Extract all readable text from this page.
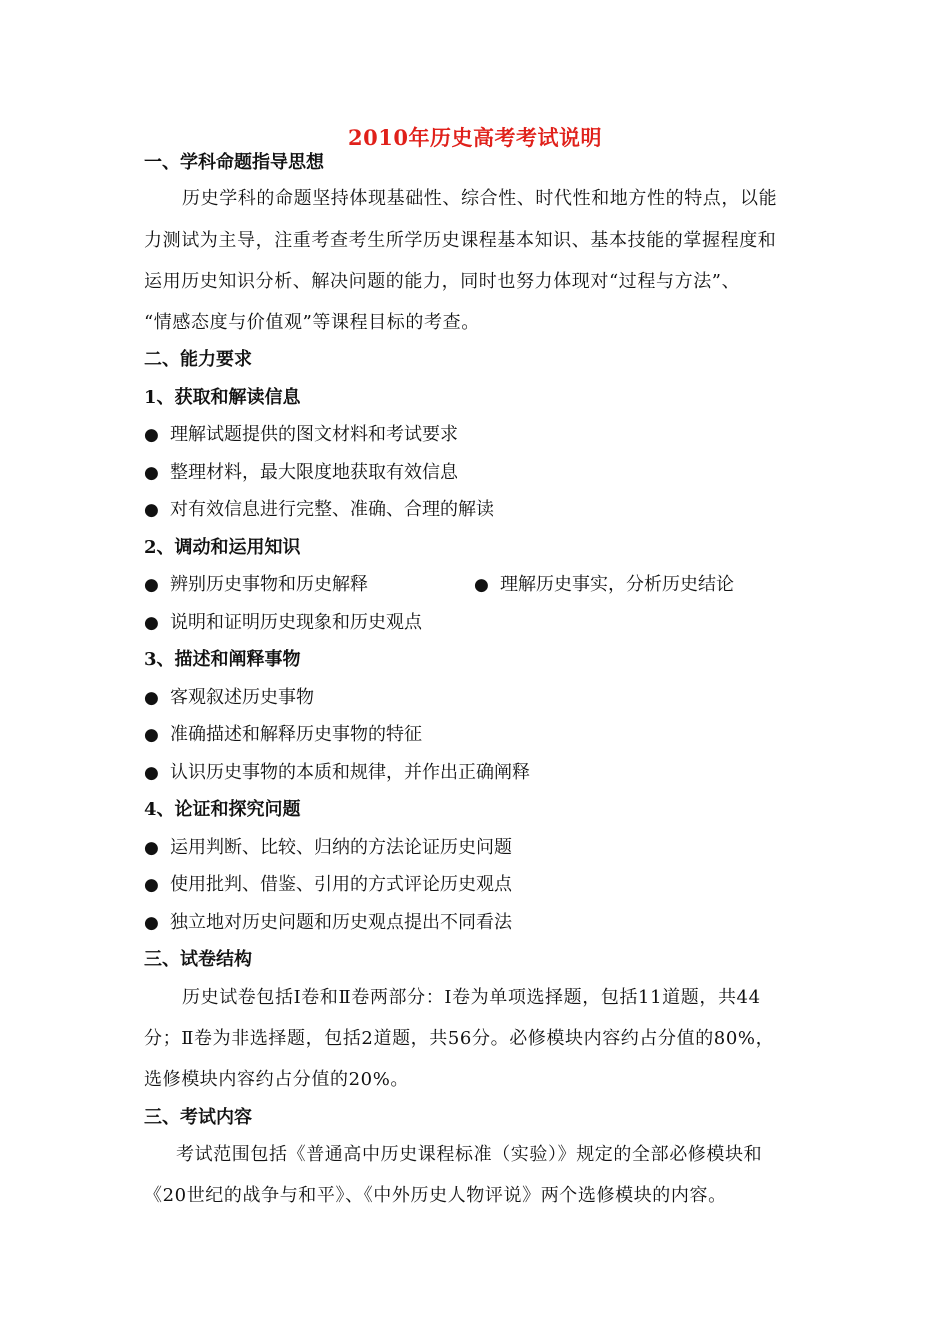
2010年历史高考考试说明
一、学科命题指导思想
历史学科的命题坚持体现基础性、综合性、时代性和地方性的特点，以能
力测试为主导，注重考查考生所学历史课程基本知识、基本技能的掌握程度和
运用历史知识分析、解决问题的能力，同时也努力体现对“过程与方法”、
“情感态度与价值观”等课程目标的考查。
二、能力要求
1、获取和解读信息
● 理解试题提供的图文材料和考试要求
● 整理材料，最大限度地获取有效信息
● 对有效信息进行完整、准确、合理的解读
2、调动和运用知识
● 辨别历史事物和历史解释	● 理解历史事实，分析历史结论
● 说明和证明历史现象和历史观点
3、描述和阐释事物
● 客观叙述历史事物
● 准确描述和解释历史事物的特征
● 认识历史事物的本质和规律，并作出正确阐释
4、论证和探究问题
● 运用判断、比较、归纳的方法论证历史问题
● 使用批判、借鉴、引用的方式评论历史观点
● 独立地对历史问题和历史观点提出不同看法
三、试卷结构
历史试卷包括Ⅰ卷和Ⅱ卷两部分：Ⅰ卷为单项选择题，包括11道题，共44
分；Ⅱ卷为非选择题，包括2道题，共56分。必修模块内容约占分值的80%，
选修模块内容约占分值的20%。
三、考试内容
考试范围包括《普通高中历史课程标准（实验）》规定的全部必修模块和
《20世纪的战争与和平》、《中外历史人物评说》两个选修模块的内容。
